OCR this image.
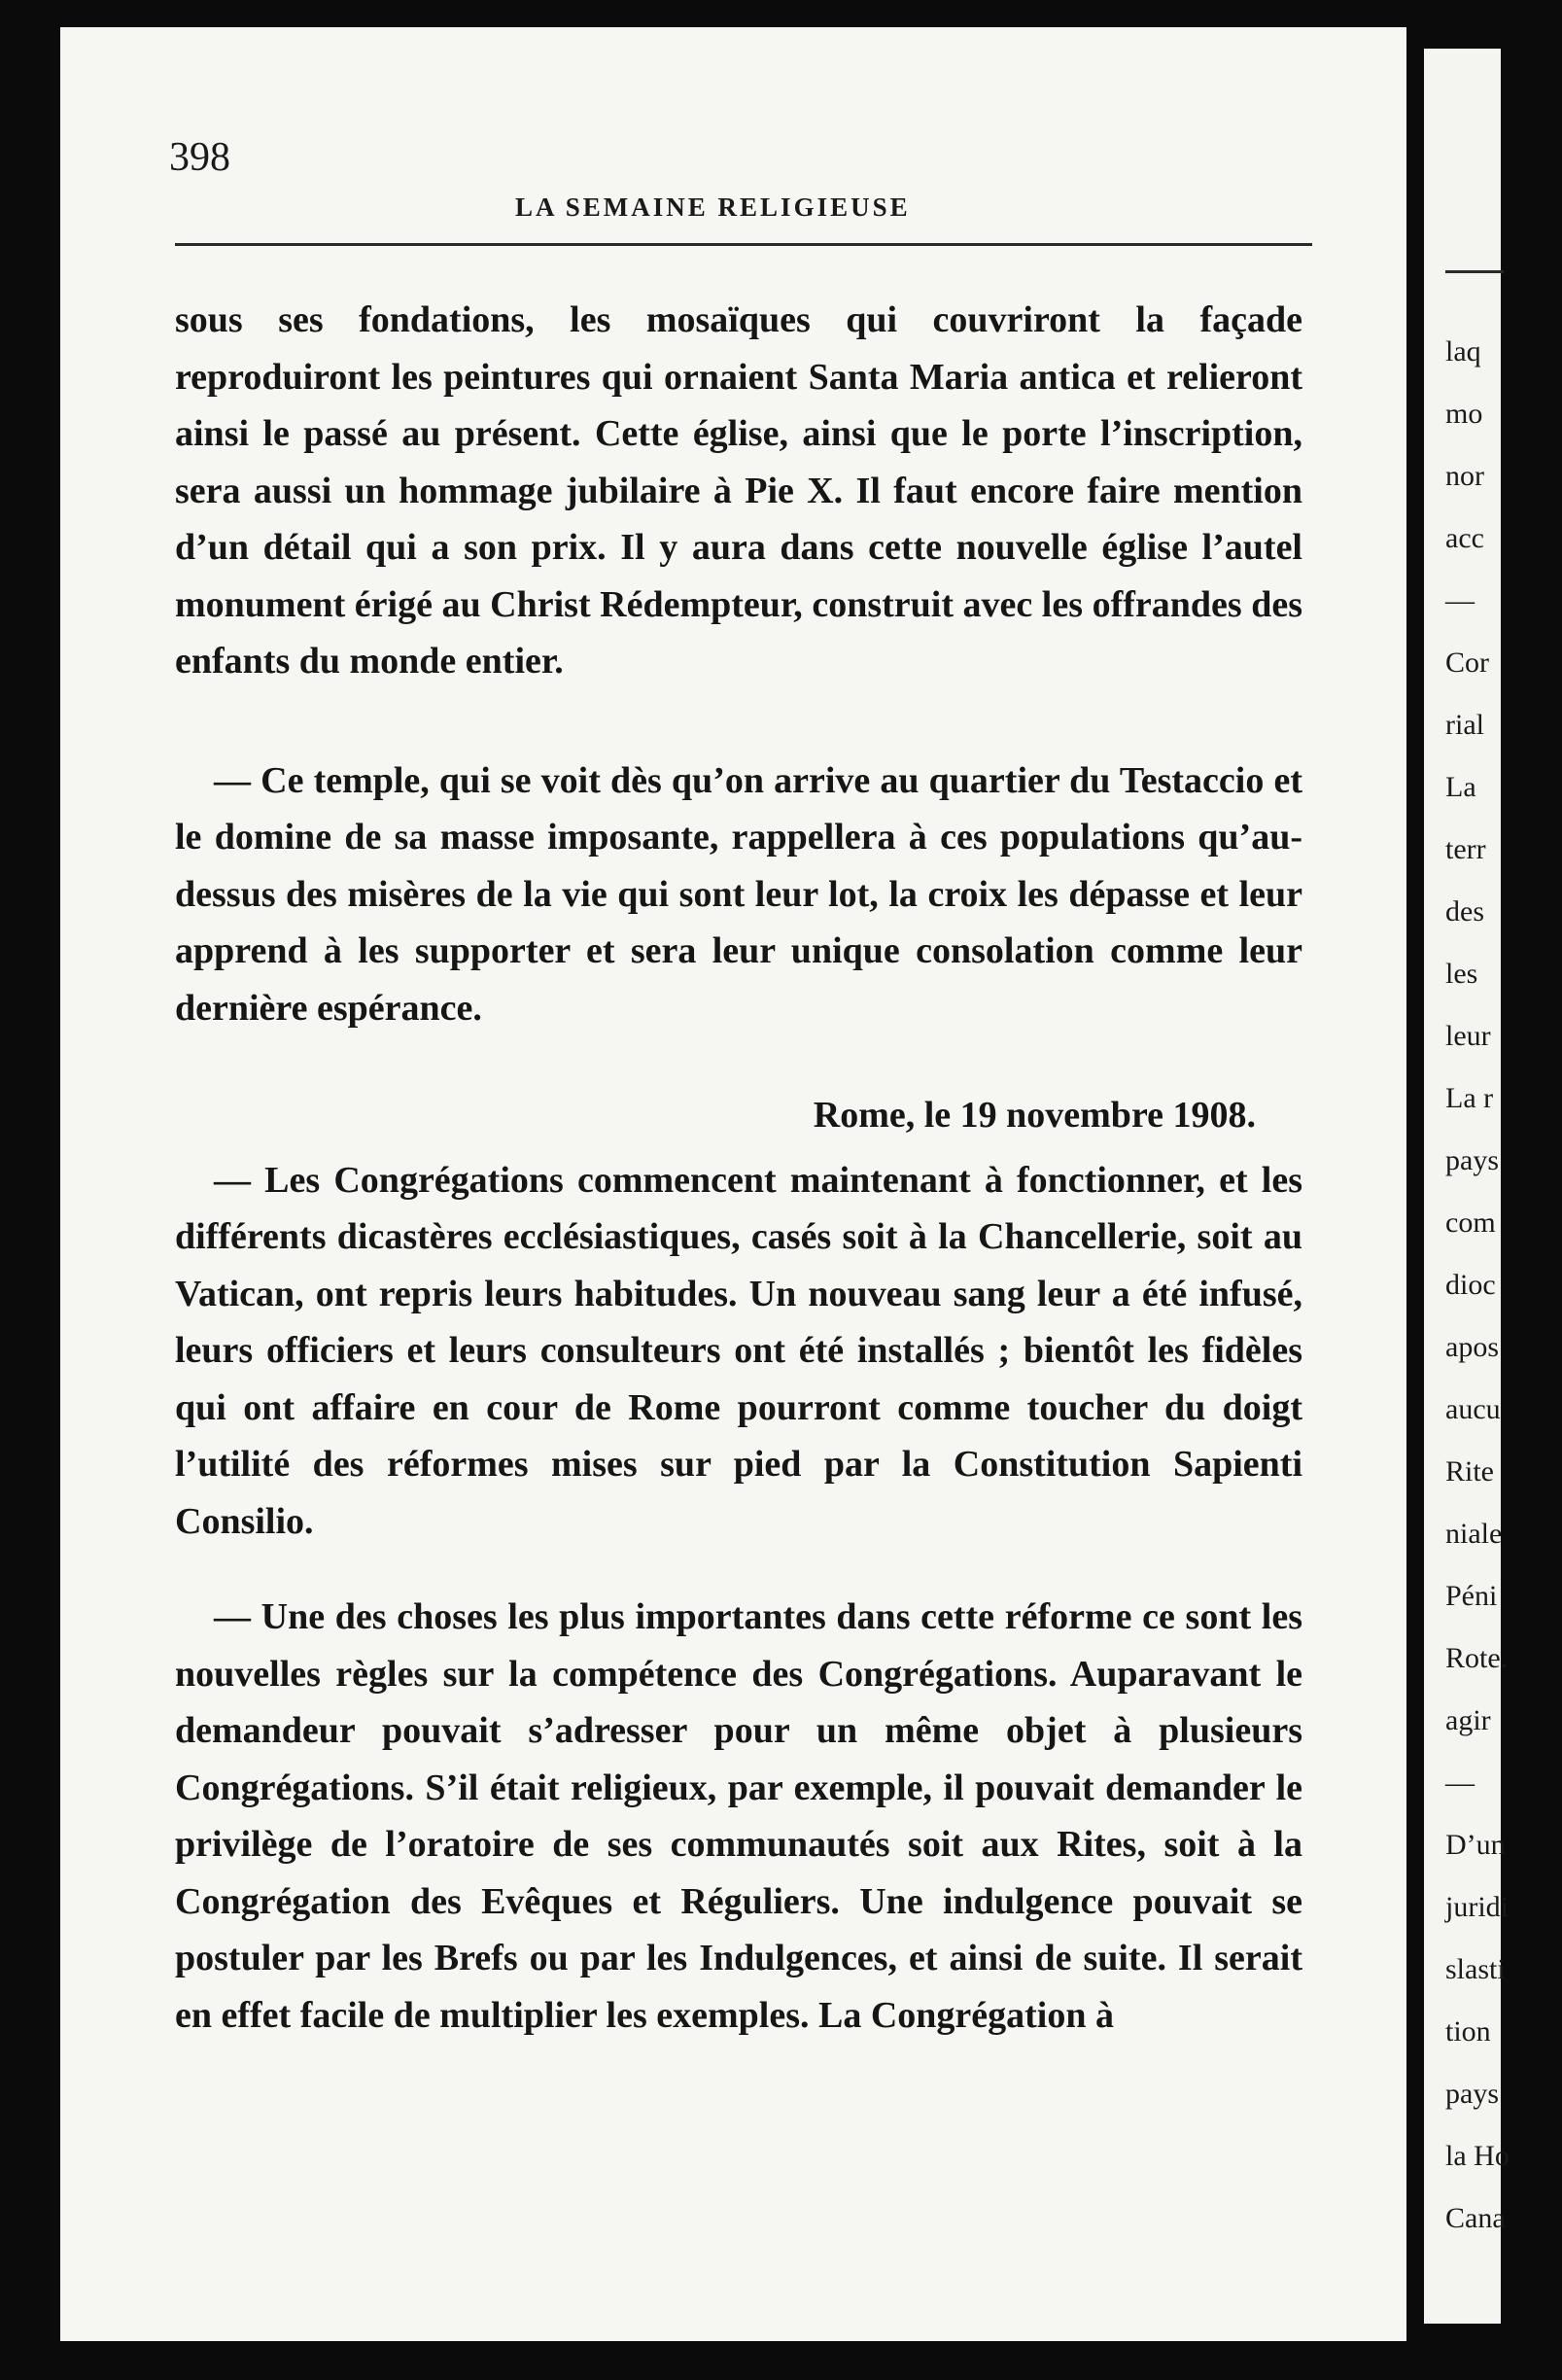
398
LA SEMAINE RELIGIEUSE

sous ses fondations, les mosaïques qui couvriront la façade reproduiront les peintures qui ornaient Santa Maria antica et relieront ainsi le passé au présent. Cette église, ainsi que le porte l’inscription, sera aussi un hommage jubilaire à Pie X. Il faut encore faire mention d’un détail qui a son prix. Il y aura dans cette nouvelle église l’autel monument érigé au Christ Rédempteur, construit avec les offrandes des enfants du monde entier.

— Ce temple, qui se voit dès qu’on arrive au quartier du Testaccio et le domine de sa masse imposante, rappellera à ces populations qu’au-dessus des misères de la vie qui sont leur lot, la croix les dépasse et leur apprend à les supporter et sera leur unique consolation comme leur dernière espérance.

Rome, le 19 novembre 1908.

— Les Congrégations commencent maintenant à fonctionner, et les différents dicastères ecclésiastiques, casés soit à la Chancellerie, soit au Vatican, ont repris leurs habitudes. Un nouveau sang leur a été infusé, leurs officiers et leurs consulteurs ont été installés ; bientôt les fidèles qui ont affaire en cour de Rome pourront comme toucher du doigt l’utilité des réformes mises sur pied par la Constitution Sapienti Consilio.

— Une des choses les plus importantes dans cette réforme ce sont les nouvelles règles sur la compétence des Congrégations. Auparavant le demandeur pouvait s’adresser pour un même objet à plusieurs Congrégations. S’il était religieux, par exemple, il pouvait demander le privilège de l’oratoire de ses communautés soit aux Rites, soit à la Congrégation des Evêques et Réguliers. Une indulgence pouvait se postuler par les Brefs ou par les Indulgences, et ainsi de suite. Il serait en effet facile de multiplier les exemples. La Congrégation à

laq
mo
nor
acc
—
Cor
rial
La
terr
des
les
leur
La r
pays
com
dioc
apos
aucu
Rite
niale
Péni
Rote.
agir
—
D’un
juridi
slasti
tion
pays
la Ho
Cana
